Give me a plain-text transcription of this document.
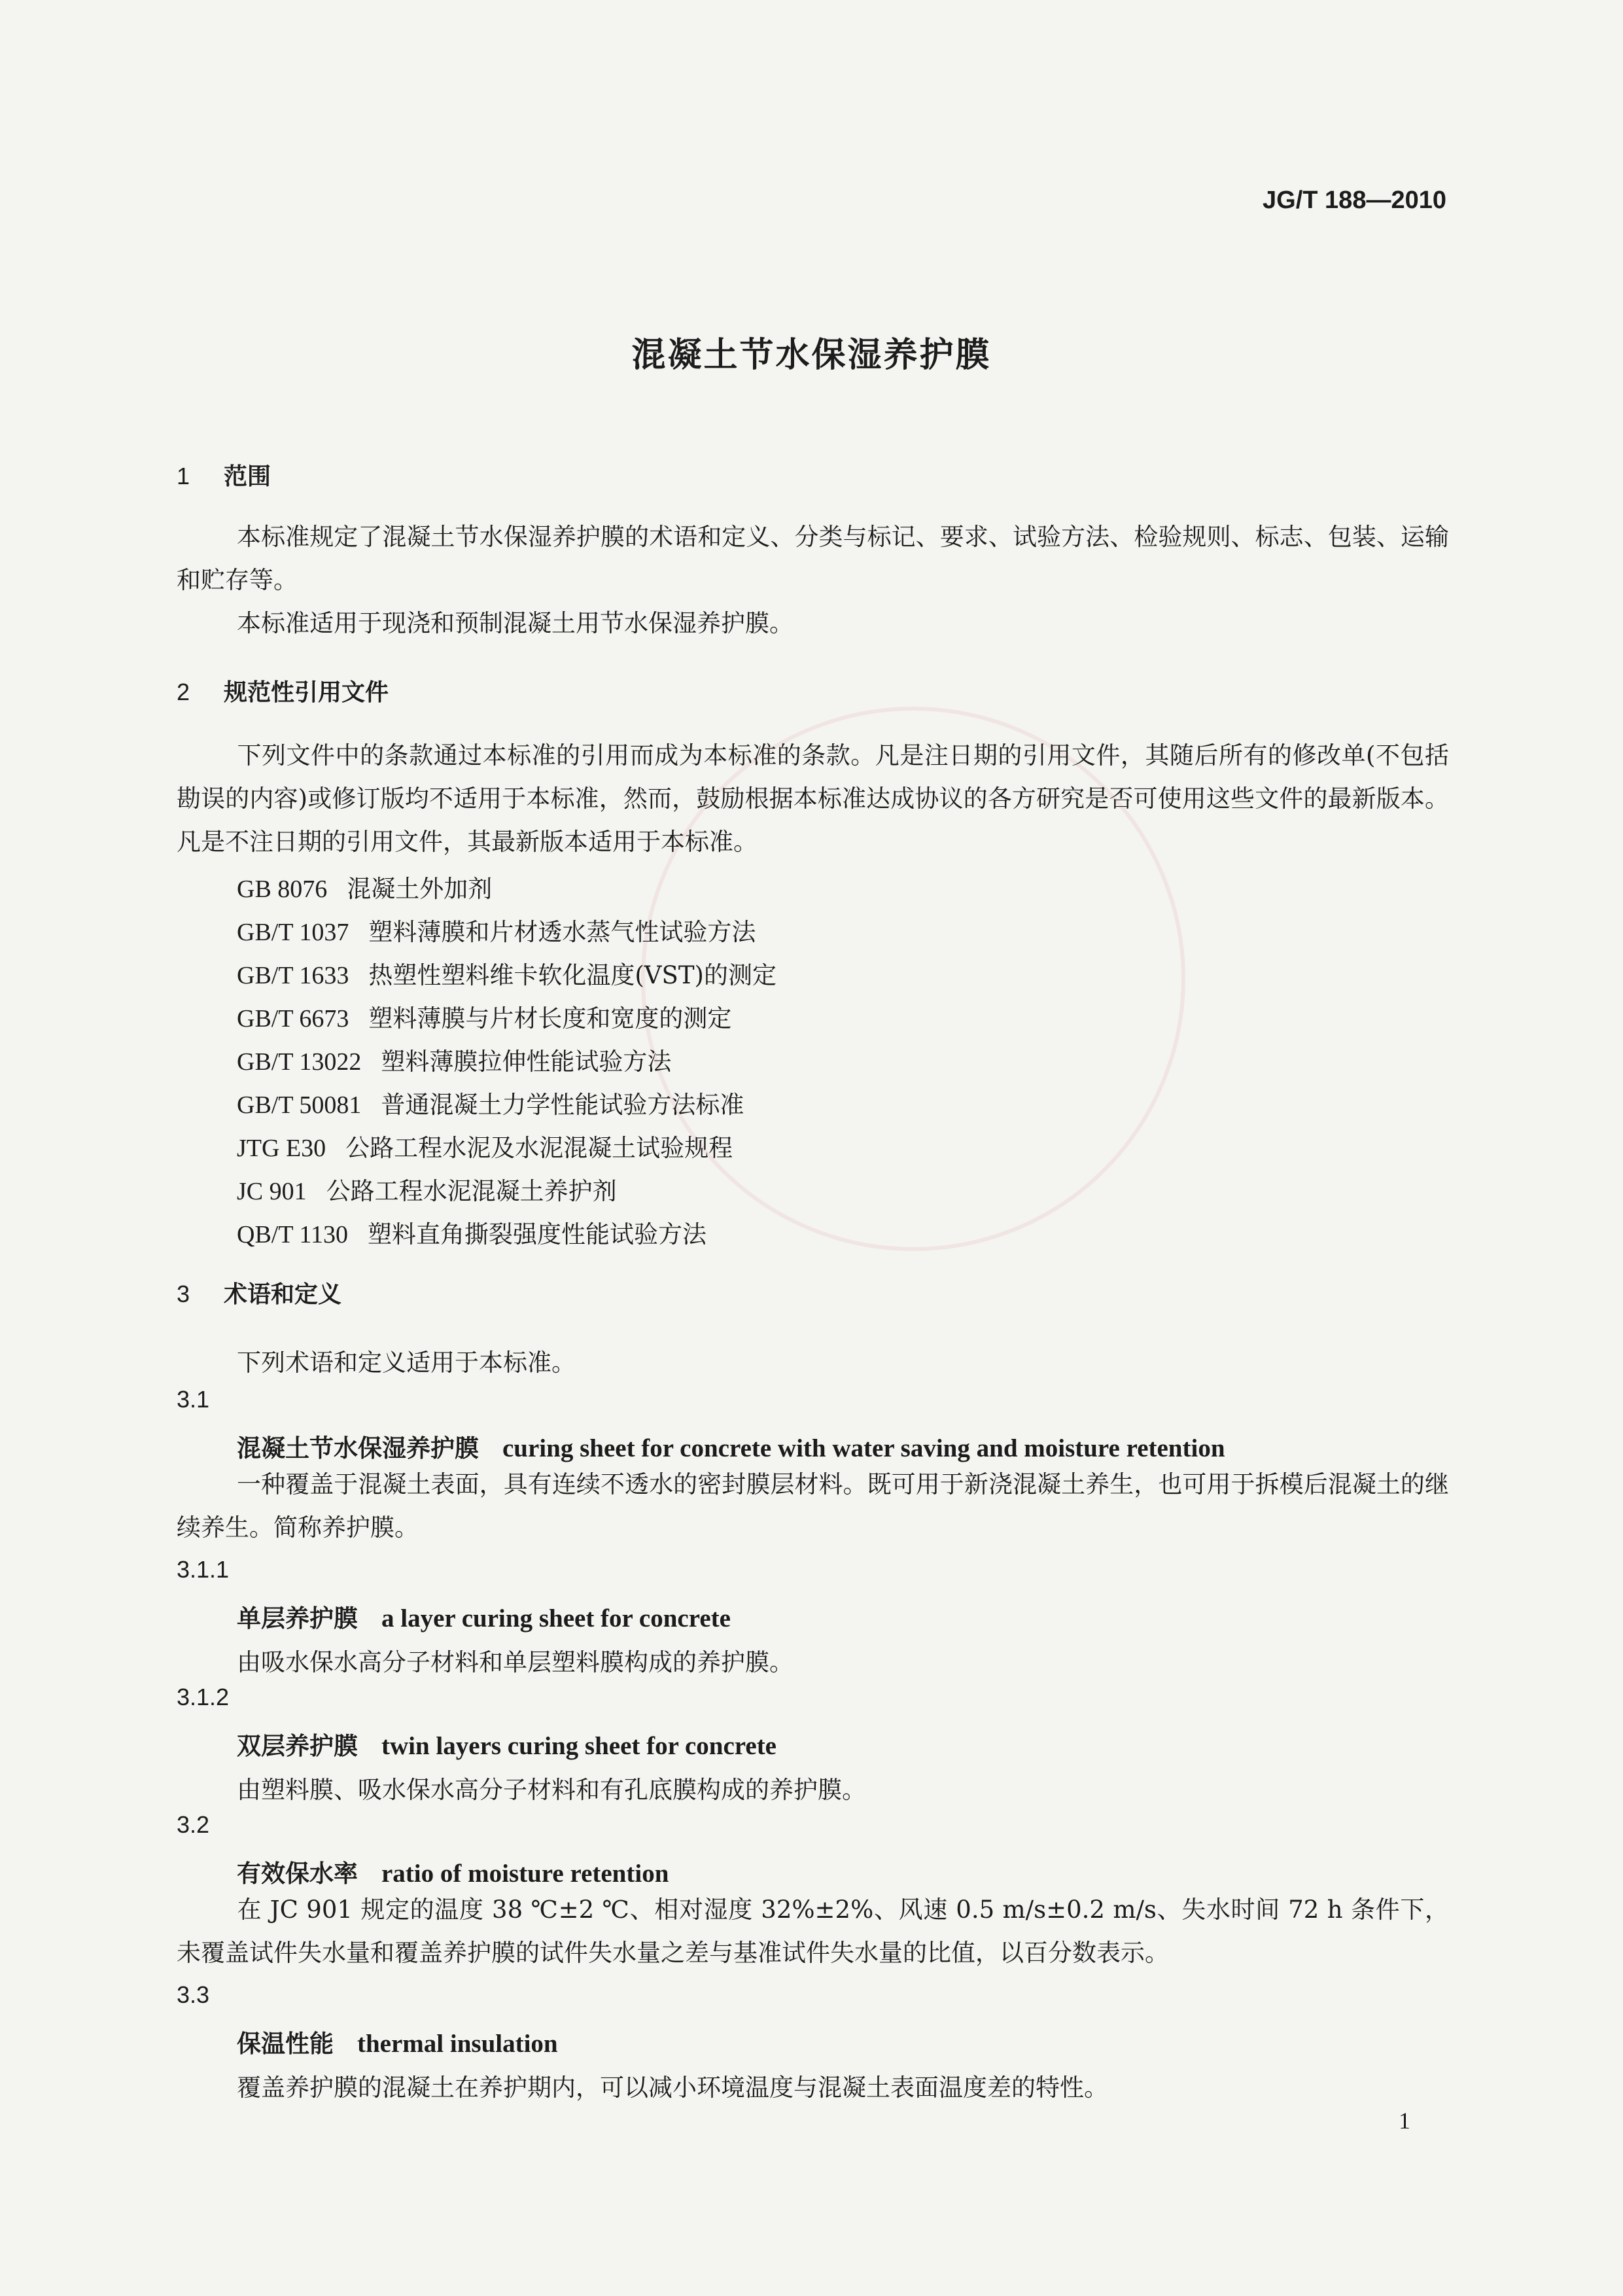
JG/T 188—2010
混凝土节水保湿养护膜
1 范围
本标准规定了混凝土节水保湿养护膜的术语和定义、分类与标记、要求、试验方法、检验规则、标志、包装、运输和贮存等。
本标准适用于现浇和预制混凝土用节水保湿养护膜。
2 规范性引用文件
下列文件中的条款通过本标准的引用而成为本标准的条款。凡是注日期的引用文件，其随后所有的修改单(不包括勘误的内容)或修订版均不适用于本标准，然而，鼓励根据本标准达成协议的各方研究是否可使用这些文件的最新版本。凡是不注日期的引用文件，其最新版本适用于本标准。
GB 8076 混凝土外加剂
GB/T 1037 塑料薄膜和片材透水蒸气性试验方法
GB/T 1633 热塑性塑料维卡软化温度(VST)的测定
GB/T 6673 塑料薄膜与片材长度和宽度的测定
GB/T 13022 塑料薄膜拉伸性能试验方法
GB/T 50081 普通混凝土力学性能试验方法标准
JTG E30 公路工程水泥及水泥混凝土试验规程
JC 901 公路工程水泥混凝土养护剂
QB/T 1130 塑料直角撕裂强度性能试验方法
3 术语和定义
下列术语和定义适用于本标准。
3.1
混凝土节水保湿养护膜 curing sheet for concrete with water saving and moisture retention
一种覆盖于混凝土表面，具有连续不透水的密封膜层材料。既可用于新浇混凝土养生，也可用于拆模后混凝土的继续养生。简称养护膜。
3.1.1
单层养护膜 a layer curing sheet for concrete
由吸水保水高分子材料和单层塑料膜构成的养护膜。
3.1.2
双层养护膜 twin layers curing sheet for concrete
由塑料膜、吸水保水高分子材料和有孔底膜构成的养护膜。
3.2
有效保水率 ratio of moisture retention
在 JC 901 规定的温度 38 ℃±2 ℃、相对湿度 32%±2%、风速 0.5 m/s±0.2 m/s、失水时间 72 h 条件下，未覆盖试件失水量和覆盖养护膜的试件失水量之差与基准试件失水量的比值，以百分数表示。
3.3
保温性能 thermal insulation
覆盖养护膜的混凝土在养护期内，可以减小环境温度与混凝土表面温度差的特性。
1
